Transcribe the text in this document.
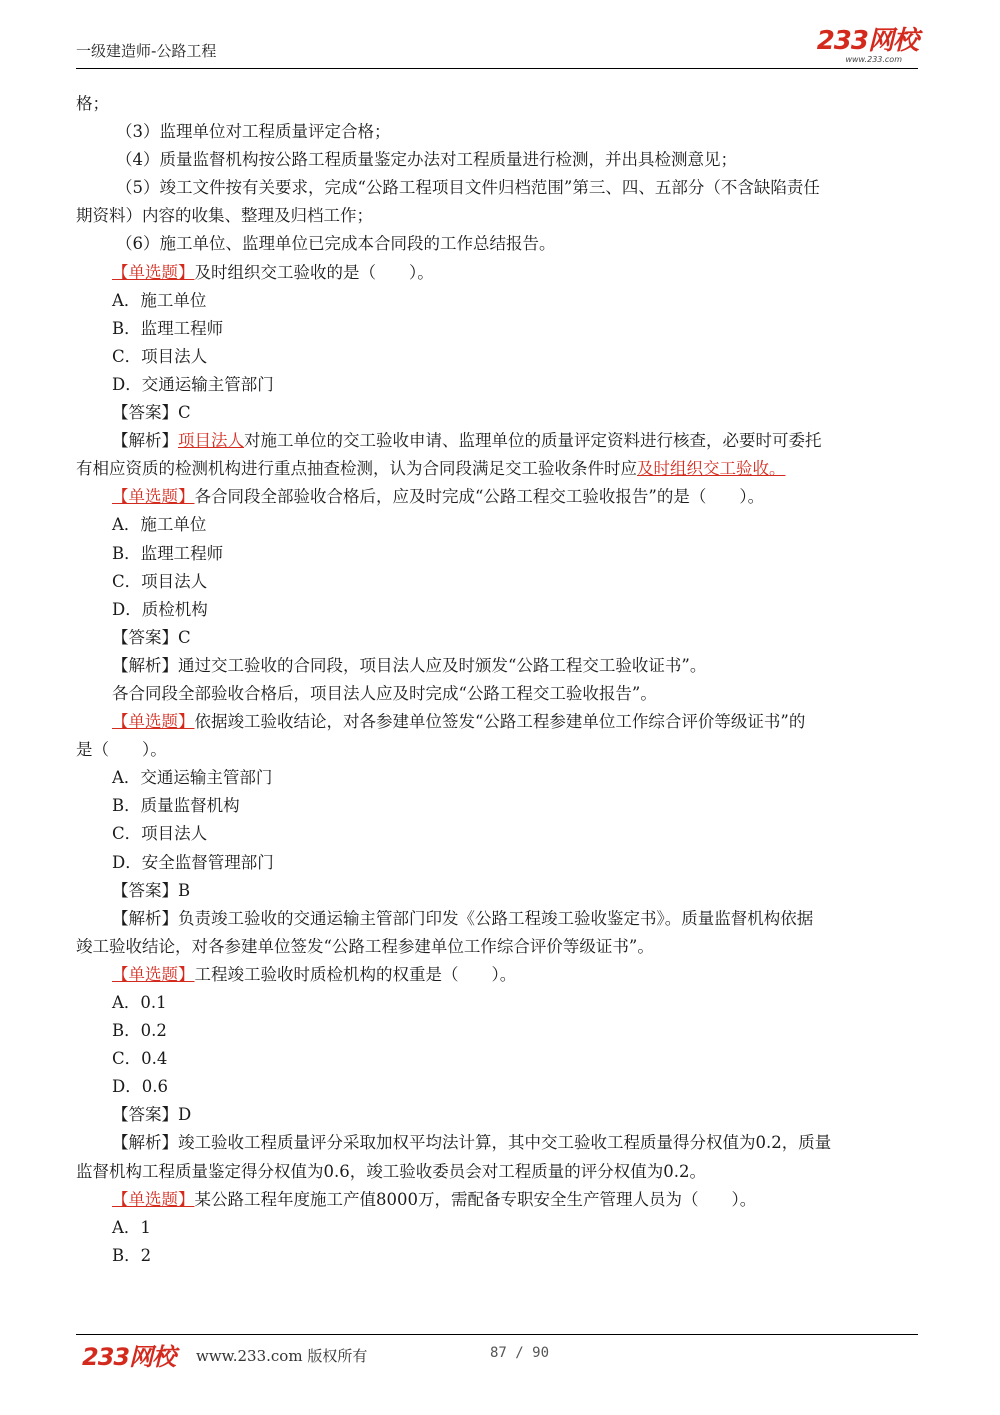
一级建造师-公路工程	233网校
www.233.com
格；
（3）监理单位对工程质量评定合格；
（4）质量监督机构按公路工程质量鉴定办法对工程质量进行检测，并出具检测意见；
（5）竣工文件按有关要求，完成“公路工程项目文件归档范围”第三、四、五部分（不含缺陷责任
期资料）内容的收集、整理及归档工作；
（6）施工单位、监理单位已完成本合同段的工作总结报告。
【单选题】及时组织交工验收的是（　　）。
A．施工单位
B．监理工程师
C．项目法人
D．交通运输主管部门
【答案】C
【解析】项目法人对施工单位的交工验收申请、监理单位的质量评定资料进行核查，必要时可委托
有相应资质的检测机构进行重点抽查检测，认为合同段满足交工验收条件时应及时组织交工验收。
【单选题】各合同段全部验收合格后，应及时完成“公路工程交工验收报告”的是（　　）。
A．施工单位
B．监理工程师
C．项目法人
D．质检机构
【答案】C
【解析】通过交工验收的合同段，项目法人应及时颁发“公路工程交工验收证书”。
各合同段全部验收合格后，项目法人应及时完成“公路工程交工验收报告”。
【单选题】依据竣工验收结论，对各参建单位签发“公路工程参建单位工作综合评价等级证书”的
是（　　）。
A．交通运输主管部门
B．质量监督机构
C．项目法人
D．安全监督管理部门
【答案】B
【解析】负责竣工验收的交通运输主管部门印发《公路工程竣工验收鉴定书》。质量监督机构依据
竣工验收结论，对各参建单位签发“公路工程参建单位工作综合评价等级证书”。
【单选题】工程竣工验收时质检机构的权重是（　　）。
A．0.1
B．0.2
C．0.4
D．0.6
【答案】D
【解析】竣工验收工程质量评分采取加权平均法计算，其中交工验收工程质量得分权值为0.2，质量
监督机构工程质量鉴定得分权值为0.6，竣工验收委员会对工程质量的评分权值为0.2。
【单选题】某公路工程年度施工产值8000万，需配备专职安全生产管理人员为（　　）。
A．1
B．2
233网校 www.233.com 版权所有	87 / 90
